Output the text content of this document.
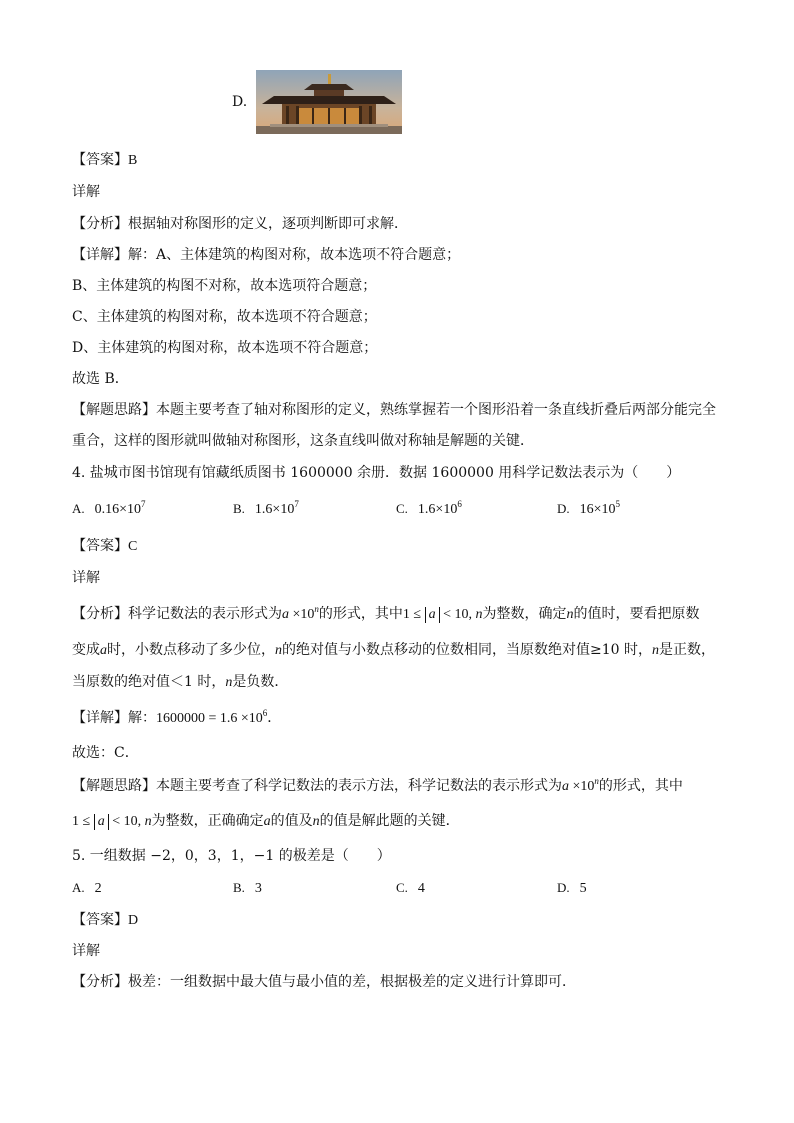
D.
【答案】B
详解
【分析】根据轴对称图形的定义，逐项判断即可求解．
【详解】解：A、主体建筑的构图对称，故本选项不符合题意；
B、主体建筑的构图不对称，故本选项符合题意；
C、主体建筑的构图对称，故本选项不符合题意；
D、主体建筑的构图对称，故本选项不符合题意；
故选 B．
【解题思路】本题主要考查了轴对称图形的定义，熟练掌握若一个图形沿着一条直线折叠后两部分能完全
重合，这样的图形就叫做轴对称图形，这条直线叫做对称轴是解题的关键．
4. 盐城市图书馆现有馆藏纸质图书 1600000 余册．数据 1600000 用科学记数法表示为（　　）
A. $0.16\times 10^7$	B. $1.6\times 10^7$	C. $1.6\times 10^6$	D. $16\times 10^5$
【答案】C
详解
【分析】科学记数法的表示形式为$a \times 10^n$的形式，其中1 ≤ a < 10, n为整数，确定n的值时，要看把原数
变成a时，小数点移动了多少位，n的绝对值与小数点移动的位数相同，当原数绝对值≥10 时，n是正数，
当原数的绝对值＜1 时，n是负数．
【详解】解：$1600000 = 1.6 \times 10^6$．
故选：C．
【解题思路】本题主要考查了科学记数法的表示方法，科学记数法的表示形式为$a \times 10^n$的形式，其中
1 ≤ a < 10, n为整数，正确确定a的值及n的值是解此题的关键．
5. 一组数据 −2，0，3，1，−1 的极差是（　　）
A. 2	B. 3	C. 4	D. 5
【答案】D
详解
【分析】极差：一组数据中最大值与最小值的差，根据极差的定义进行计算即可．
